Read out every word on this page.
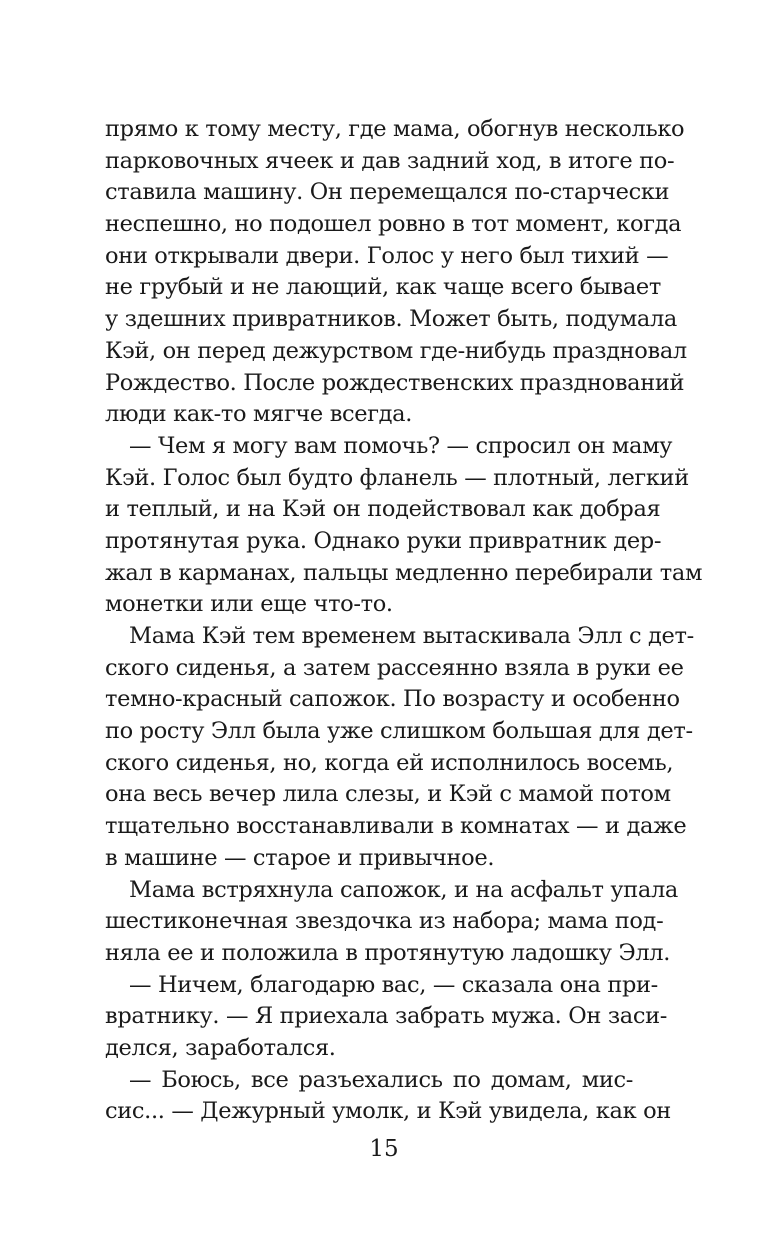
прямо к тому месту, где мама, обогнув несколько
парковочных ячеек и дав задний ход, в итоге по-
ставила машину. Он перемещался по-старчески
неспешно, но подошел ровно в тот момент, когда
они открывали двери. Голос у него был тихий —
не грубый и не лающий, как чаще всего бывает
у здешних привратников. Может быть, подумала
Кэй, он перед дежурством где-нибудь праздновал
Рождество. После рождественских празднований
люди как-то мягче всегда.
— Чем я могу вам помочь? — спросил он маму
Кэй. Голос был будто фланель — плотный, легкий
и теплый, и на Кэй он подействовал как добрая
протянутая рука. Однако руки привратник дер-
жал в карманах, пальцы медленно перебирали там
монетки или еще что-то.
Мама Кэй тем временем вытаскивала Элл с дет-
ского сиденья, а затем рассеянно взяла в руки ее
темно-красный сапожок. По возрасту и особенно
по росту Элл была уже слишком большая для дет-
ского сиденья, но, когда ей исполнилось восемь,
она весь вечер лила слезы, и Кэй с мамой потом
тщательно восстанавливали в комнатах — и даже
в машине — старое и привычное.
Мама встряхнула сапожок, и на асфальт упала
шестиконечная звездочка из набора; мама под-
няла ее и положила в протянутую ладошку Элл.
— Ничем, благодарю вас, — сказала она при-
вратнику. — Я приехала забрать мужа. Он заси-
делся, заработался.
— Боюсь, все разъехались по домам, мис-
сис... — Дежурный умолк, и Кэй увидела, как он
15
